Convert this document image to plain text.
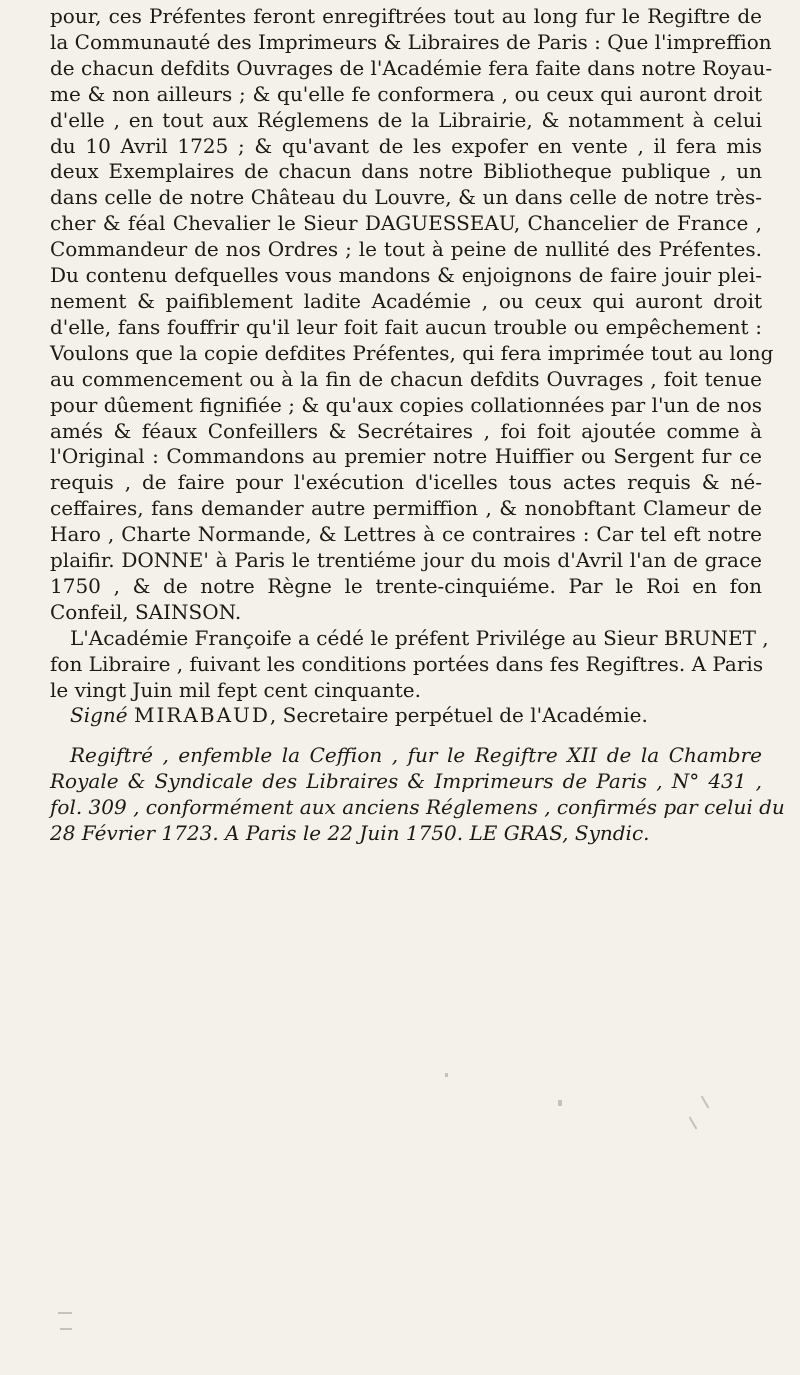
pour, ces Préfentes feront enregiftrées tout au long fur le Regiftre de
la Communauté des Imprimeurs & Libraires de Paris : Que l'impreffion
de chacun defdits Ouvrages de l'Académie fera faite dans notre Royau-
me & non ailleurs ; & qu'elle fe conformera , ou ceux qui auront droit
d'elle , en tout aux Réglemens de la Librairie, & notamment à celui
du 10 Avril 1725 ; & qu'avant de les expofer en vente , il fera mis
deux Exemplaires de chacun dans notre Bibliotheque publique , un
dans celle de notre Château du Louvre, & un dans celle de notre très-
cher & féal Chevalier le Sieur DAGUESSEAU, Chancelier de France ,
Commandeur de nos Ordres ; le tout à peine de nullité des Préfentes.
Du contenu defquelles vous mandons & enjoignons de faire jouir plei-
nement & paifiblement ladite Académie , ou ceux qui auront droit
d'elle, fans fouffrir qu'il leur foit fait aucun trouble ou empêchement :
Voulons que la copie defdites Préfentes, qui fera imprimée tout au long
au commencement ou à la fin de chacun defdits Ouvrages , foit tenue
pour dûement fignifiée ; & qu'aux copies collationnées par l'un de nos
amés & féaux Confeillers & Secrétaires , foi foit ajoutée comme à
l'Original : Commandons au premier notre Huiffier ou Sergent fur ce
requis , de faire pour l'exécution d'icelles tous actes requis & né-
ceffaires, fans demander autre permiffion , & nonobftant Clameur de
Haro , Charte Normande, & Lettres à ce contraires : Car tel eft notre
plaifir. DONNE' à Paris le trentiéme jour du mois d'Avril l'an de grace
1750 , & de notre Règne le trente-cinquiéme. Par le Roi en fon
Confeil, SAINSON.
L'Académie Françoife a cédé le préfent Privilége au Sieur BRUNET ,
fon Libraire , fuivant les conditions portées dans fes Regiftres. A Paris
le vingt Juin mil fept cent cinquante.
Signé MIRABAUD, Secretaire perpétuel de l'Académie.
Regiftré , enfemble la Ceffion , fur le Regiftre XII de la Chambre
Royale & Syndicale des Libraires & Imprimeurs de Paris , N° 431 ,
fol. 309 , conformément aux anciens Réglemens , confirmés par celui du
28 Février 1723. A Paris le 22 Juin 1750. LE GRAS, Syndic.
